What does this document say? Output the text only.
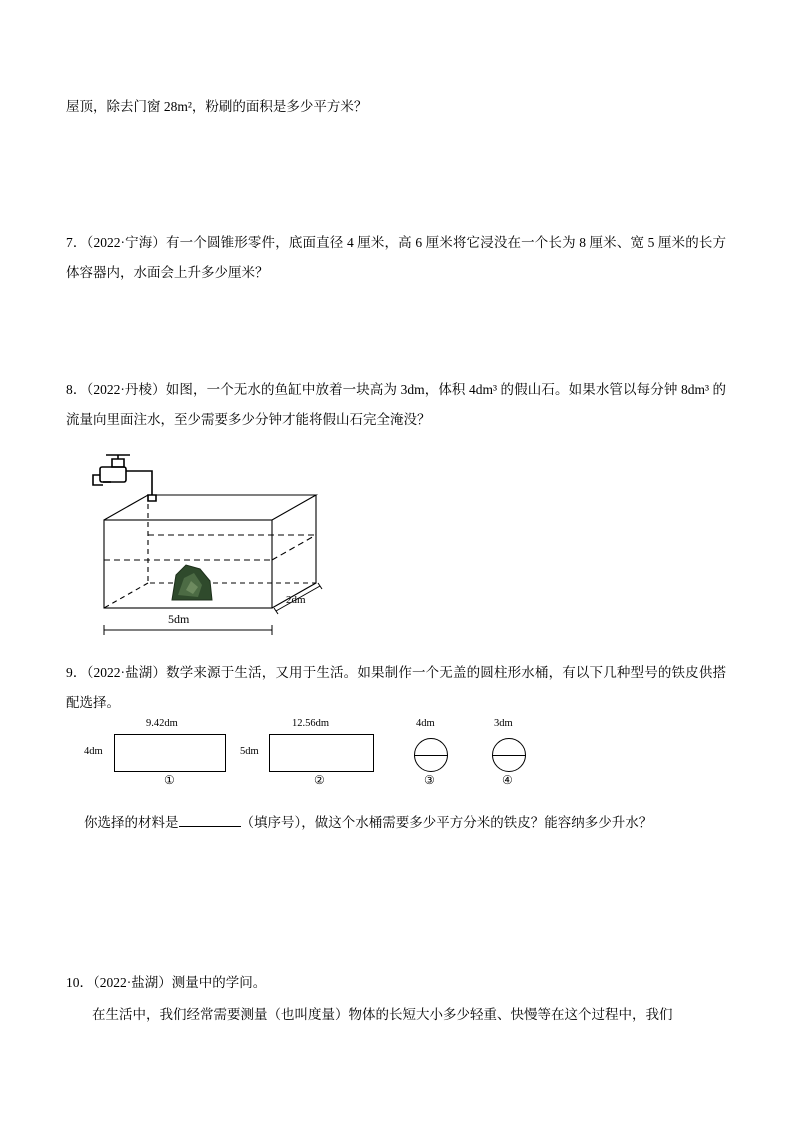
屋顶，除去门窗 28m²，粉刷的面积是多少平方米？
7．（2022·宁海）有一个圆锥形零件，底面直径 4 厘米，高 6 厘米将它浸没在一个长为 8 厘米、宽 5 厘米的长方体容器内，水面会上升多少厘米？
8．（2022·丹棱）如图，一个无水的鱼缸中放着一块高为 3dm，体积 4dm³ 的假山石。如果水管以每分钟 8dm³ 的流量向里面注水，至少需要多少分钟才能将假山石完全淹没？
5dm
2dm
9．（2022·盐湖）数学来源于生活，又用于生活。如果制作一个无盖的圆柱形水桶，有以下几种型号的铁皮供搭配选择。
9.42dm
4dm
①
12.56dm
5dm
②
4dm
③
3dm
④
你选择的材料是	（填序号），做这个水桶需要多少平方分米的铁皮？能容纳多少升水？
10．（2022·盐湖）测量中的学问。
在生活中，我们经常需要测量（也叫度量）物体的长短大小多少轻重、快慢等在这个过程中，我们
